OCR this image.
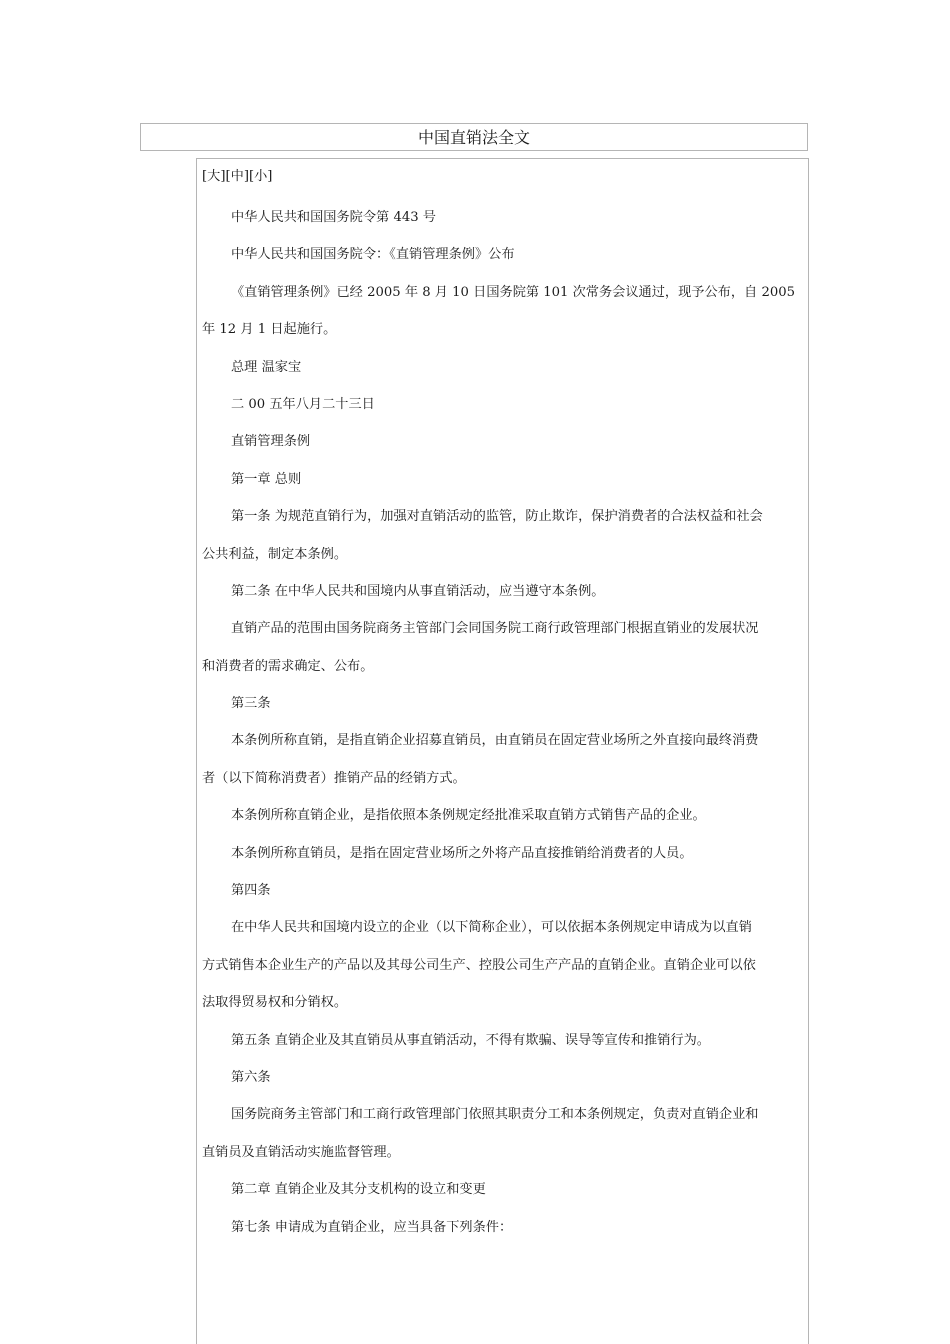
中国直销法全文
[大][中][小]
中华人民共和国国务院令第 443 号
中华人民共和国国务院令：《直销管理条例》公布
《直销管理条例》已经 2005 年 8 月 10 日国务院第 101 次常务会议通过，现予公布，自 2005
年 12 月 1 日起施行。
总理 温家宝
二 00 五年八月二十三日
直销管理条例
第一章 总则
第一条 为规范直销行为，加强对直销活动的监管，防止欺诈，保护消费者的合法权益和社会
公共利益，制定本条例。
第二条 在中华人民共和国境内从事直销活动，应当遵守本条例。
直销产品的范围由国务院商务主管部门会同国务院工商行政管理部门根据直销业的发展状况
和消费者的需求确定、公布。
第三条
本条例所称直销，是指直销企业招募直销员，由直销员在固定营业场所之外直接向最终消费
者（以下简称消费者）推销产品的经销方式。
本条例所称直销企业，是指依照本条例规定经批准采取直销方式销售产品的企业。
本条例所称直销员，是指在固定营业场所之外将产品直接推销给消费者的人员。
第四条
在中华人民共和国境内设立的企业（以下简称企业），可以依据本条例规定申请成为以直销
方式销售本企业生产的产品以及其母公司生产、控股公司生产产品的直销企业。直销企业可以依
法取得贸易权和分销权。
第五条 直销企业及其直销员从事直销活动，不得有欺骗、误导等宣传和推销行为。
第六条
国务院商务主管部门和工商行政管理部门依照其职责分工和本条例规定，负责对直销企业和
直销员及直销活动实施监督管理。
第二章 直销企业及其分支机构的设立和变更
第七条 申请成为直销企业，应当具备下列条件：
